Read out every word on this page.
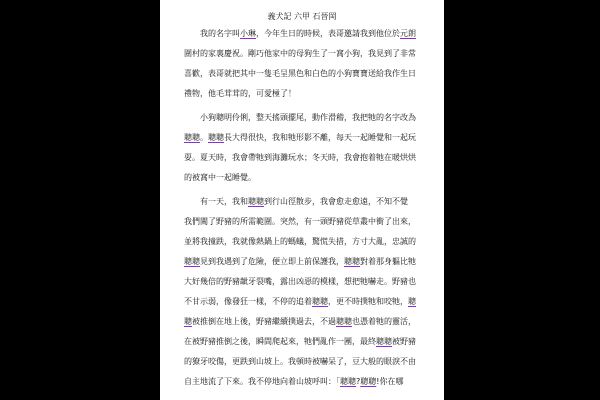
義犬記 六甲 石晉岡
我的名字叫小琳，今年生日的時候，表哥邀請我到他位於元朗
圍村的家裏慶祝。剛巧他家中的母狗生了一窩小狗，我見到了非常
喜歡，表哥就把其中一隻毛呈黑色和白色的小狗寶寶送給我作生日
禮物，他毛茸茸的，可愛極了！
小狗聰明伶俐，整天搖頭擺尾，動作滑稽，我把牠的名字改為
聰聰。聰聰長大得很快，我和牠形影不離，每天一起睡覺和一起玩
耍。夏天時，我會帶牠到海灘玩水；冬天時，我會抱着牠在暖烘烘
的被窩中一起睡覺。
有一天，我和聰聰到行山徑散步，我會愈走愈遠，不知不覺
我們闖了野豬的所需範圍。突然，有一頭野豬從草叢中衝了出來，
並將我撞跌，我就像熱鍋上的螞蟻，驚慌失措，方寸大亂，忠誠的
聰聰見到我遇到了危險，便立即上前保護我，聰聰對着那身軀比牠
大好幾倍的野豬龇牙裂嘴，露出凶惡的模樣，想把牠嚇走。野豬也
不甘示弱，像發狂一樣，不停的追着聰聰，更不時撲牠和咬牠，聰
聰被推倒在地上後，野豬繼續撲過去，不過聰聰也憑着牠的靈活，
在被野豬推倒之後，瞬間爬起來，牠們亂作一團，最終聰聰被野豬
的獠牙咬傷，更跌到山坡上。我頓時被嚇呆了，豆大般的眼淚不由
自主地流了下來。我不停地向着山坡呼叫：「聰聰?聰聰!你在哪
